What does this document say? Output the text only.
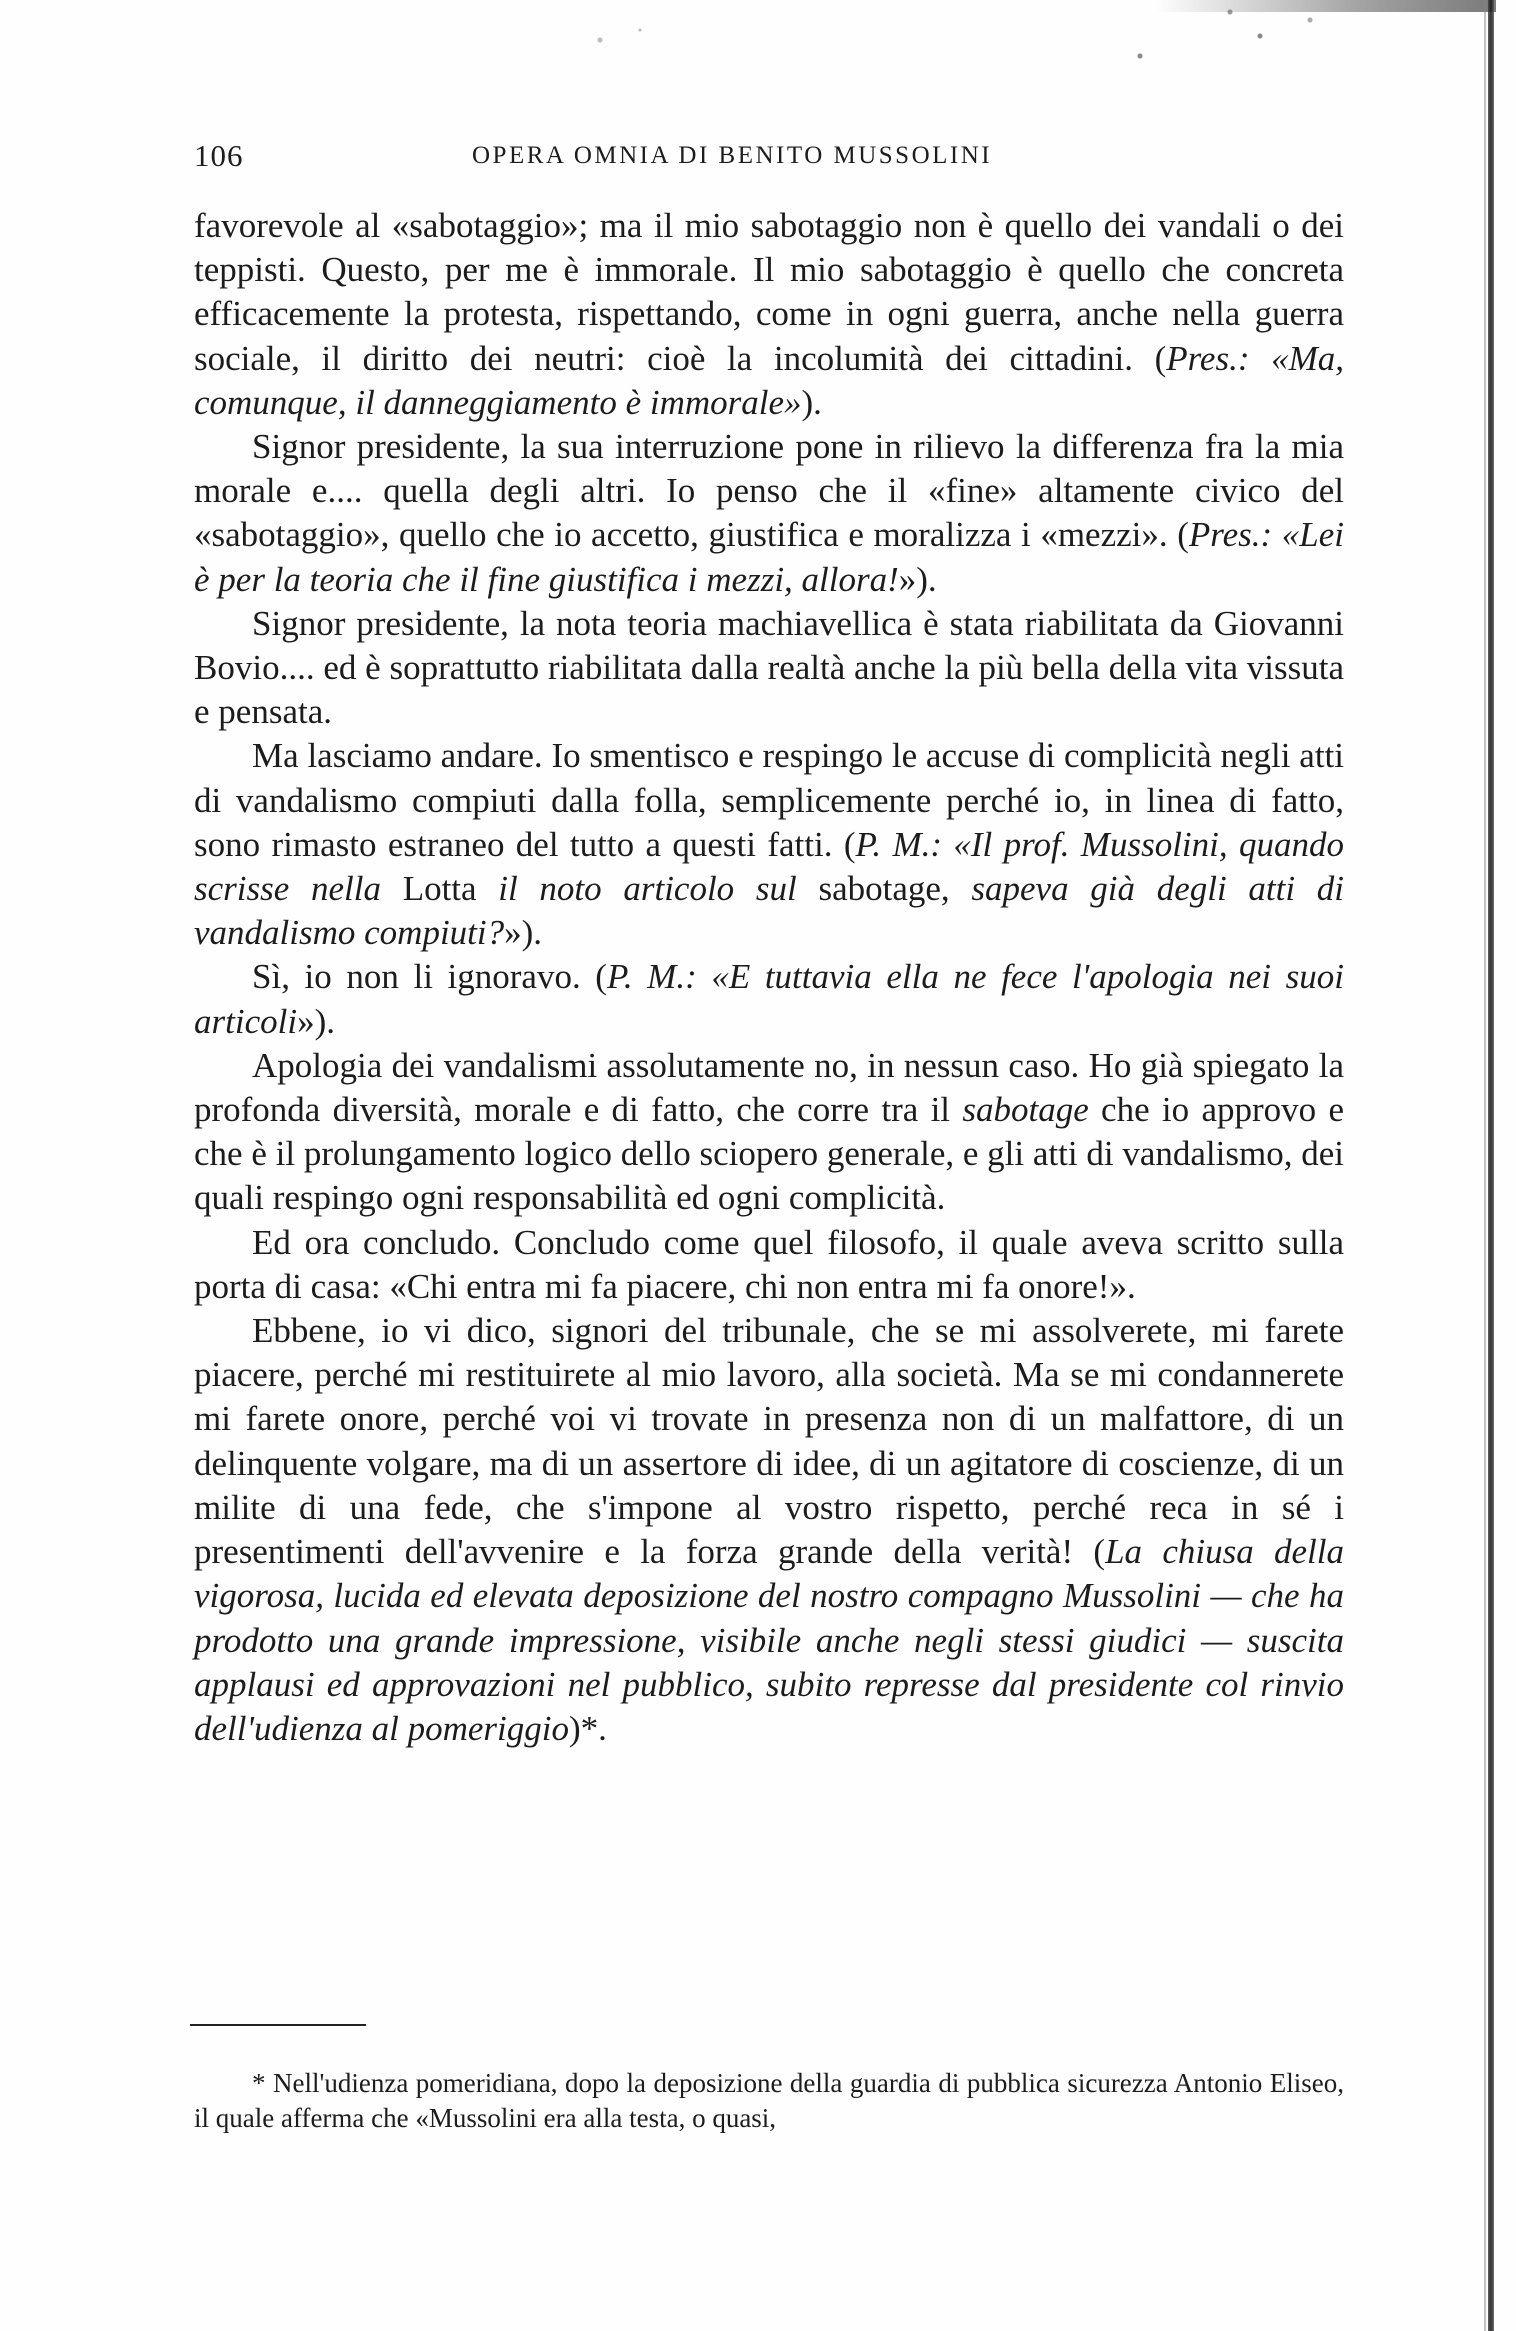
106	OPERA OMNIA DI BENITO MUSSOLINI

favorevole al «sabotaggio»; ma il mio sabotaggio non è quello dei vandali o dei teppisti. Questo, per me è immorale. Il mio sabotaggio è quello che concreta efficacemente la protesta, rispettando, come in ogni guerra, anche nella guerra sociale, il diritto dei neutri: cioè la incolumità dei cittadini. (Pres.: «Ma, comunque, il danneggiamento è immorale»).

Signor presidente, la sua interruzione pone in rilievo la differenza fra la mia morale e.... quella degli altri. Io penso che il «fine» altamente civico del «sabotaggio», quello che io accetto, giustifica e moralizza i «mezzi». (Pres.: «Lei è per la teoria che il fine giustifica i mezzi, allora!»).

Signor presidente, la nota teoria machiavellica è stata riabilitata da Giovanni Bovio.... ed è soprattutto riabilitata dalla realtà anche la più bella della vita vissuta e pensata.

Ma lasciamo andare. Io smentisco e respingo le accuse di complicità negli atti di vandalismo compiuti dalla folla, semplicemente perché io, in linea di fatto, sono rimasto estraneo del tutto a questi fatti. (P. M.: «Il prof. Mussolini, quando scrisse nella Lotta il noto articolo sul sabotage, sapeva già degli atti di vandalismo compiuti?»).

Sì, io non li ignoravo. (P. M.: «E tuttavia ella ne fece l'apologia nei suoi articoli»).

Apologia dei vandalismi assolutamente no, in nessun caso. Ho già spiegato la profonda diversità, morale e di fatto, che corre tra il sabotage che io approvo e che è il prolungamento logico dello sciopero generale, e gli atti di vandalismo, dei quali respingo ogni responsabilità ed ogni complicità.

Ed ora concludo. Concludo come quel filosofo, il quale aveva scritto sulla porta di casa: «Chi entra mi fa piacere, chi non entra mi fa onore!».

Ebbene, io vi dico, signori del tribunale, che se mi assolverete, mi farete piacere, perché mi restituirete al mio lavoro, alla società. Ma se mi condannerete mi farete onore, perché voi vi trovate in presenza non di un malfattore, di un delinquente volgare, ma di un assertore di idee, di un agitatore di coscienze, di un milite di una fede, che s'impone al vostro rispetto, perché reca in sé i presentimenti dell'avvenire e la forza grande della verità! (La chiusa della vigorosa, lucida ed elevata deposizione del nostro compagno Mussolini — che ha prodotto una grande impressione, visibile anche negli stessi giudici — suscita applausi ed approvazioni nel pubblico, subito represse dal presidente col rinvio dell'udienza al pomeriggio)*.

* Nell'udienza pomeridiana, dopo la deposizione della guardia di pubblica sicurezza Antonio Eliseo, il quale afferma che «Mussolini era alla testa, o quasi,
